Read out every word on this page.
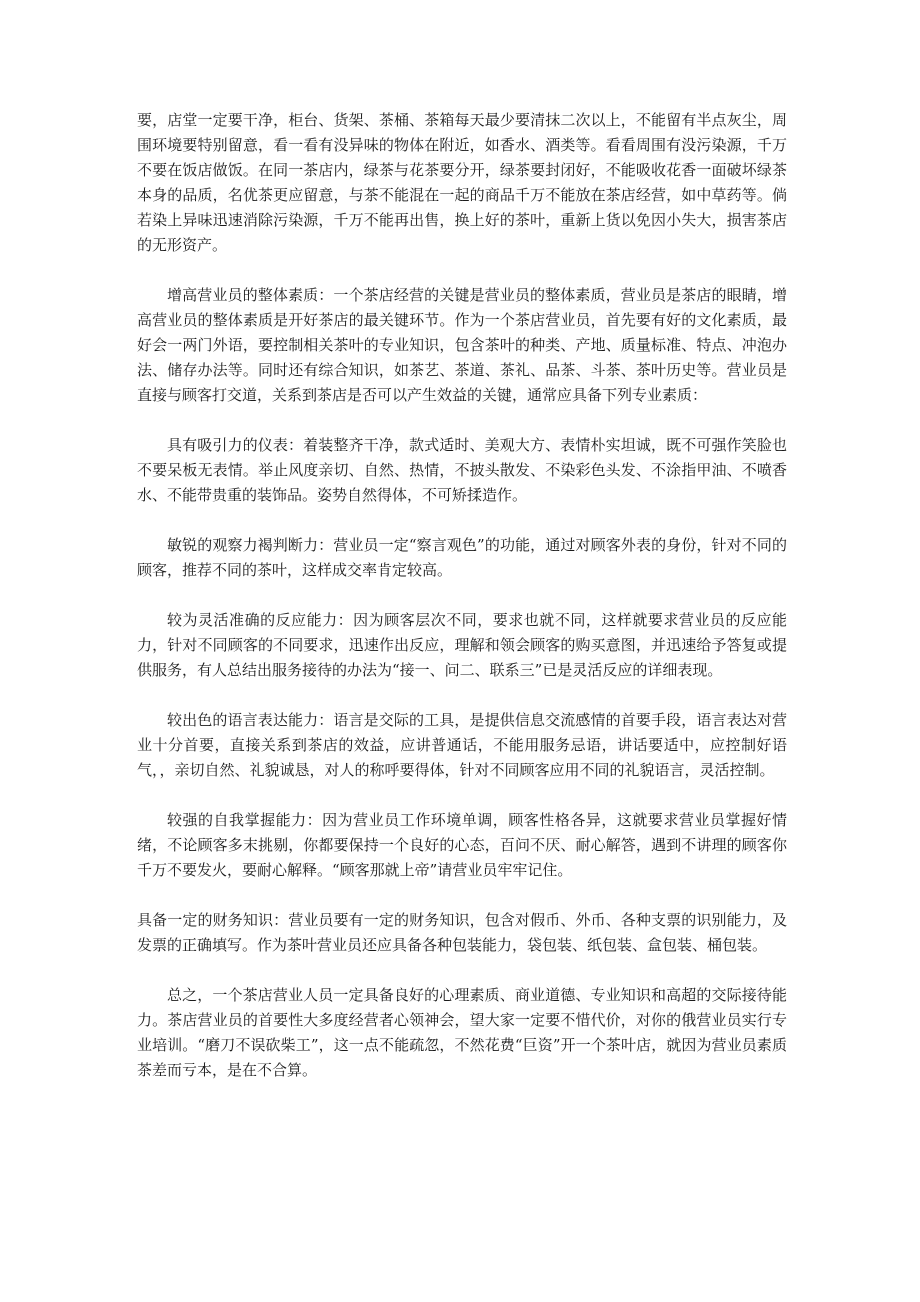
要，店堂一定要干净，柜台、货架、茶桶、茶箱每天最少要清抹二次以上，不能留有半点灰尘，周围环境要特别留意，看一看有没异味的物体在附近，如香水、酒类等。看看周围有没污染源，千万不要在饭店做饭。在同一茶店内，绿茶与花茶要分开，绿茶要封闭好，不能吸收花香一面破坏绿茶本身的品质，名优茶更应留意，与茶不能混在一起的商品千万不能放在茶店经营，如中草药等。倘若染上异味迅速消除污染源，千万不能再出售，换上好的茶叶，重新上货以免因小失大，损害茶店的无形资产。

增高营业员的整体素质：一个茶店经营的关键是营业员的整体素质，营业员是茶店的眼睛，增高营业员的整体素质是开好茶店的最关键环节。作为一个茶店营业员，首先要有好的文化素质，最好会一两门外语，要控制相关茶叶的专业知识，包含茶叶的种类、产地、质量标准、特点、冲泡办法、储存办法等。同时还有综合知识，如茶艺、茶道、茶礼、品茶、斗茶、茶叶历史等。营业员是直接与顾客打交道，关系到茶店是否可以产生效益的关键，通常应具备下列专业素质：

具有吸引力的仪表：着装整齐干净，款式适时、美观大方、表情朴实坦诚，既不可强作笑脸也不要呆板无表情。举止风度亲切、自然、热情，不披头散发、不染彩色头发、不涂指甲油、不喷香水、不能带贵重的装饰品。姿势自然得体，不可矫揉造作。

敏锐的观察力褐判断力：营业员一定“察言观色”的功能，通过对顾客外表的身份，针对不同的顾客，推荐不同的茶叶，这样成交率肯定较高。

较为灵活准确的反应能力：因为顾客层次不同，要求也就不同，这样就要求营业员的反应能力，针对不同顾客的不同要求，迅速作出反应，理解和领会顾客的购买意图，并迅速给予答复或提供服务，有人总结出服务接待的办法为“接一、问二、联系三”已是灵活反应的详细表现。

较出色的语言表达能力：语言是交际的工具，是提供信息交流感情的首要手段，语言表达对营业十分首要，直接关系到茶店的效益，应讲普通话，不能用服务忌语，讲话要适中，应控制好语气，，亲切自然、礼貌诚恳，对人的称呼要得体，针对不同顾客应用不同的礼貌语言，灵活控制。

较强的自我掌握能力：因为营业员工作环境单调，顾客性格各异，这就要求营业员掌握好情绪，不论顾客多末挑剔，你都要保持一个良好的心态，百问不厌、耐心解答，遇到不讲理的顾客你千万不要发火，要耐心解释。“顾客那就上帝”请营业员牢牢记住。

具备一定的财务知识：营业员要有一定的财务知识，包含对假币、外币、各种支票的识别能力，及发票的正确填写。作为茶叶营业员还应具备各种包装能力，袋包装、纸包装、盒包装、桶包装。

总之，一个茶店营业人员一定具备良好的心理素质、商业道德、专业知识和高超的交际接待能力。茶店营业员的首要性大多度经营者心领神会，望大家一定要不惜代价，对你的俄营业员实行专业培训。“磨刀不误砍柴工”，这一点不能疏忽，不然花费“巨资”开一个茶叶店，就因为营业员素质茶差而亏本，是在不合算。
